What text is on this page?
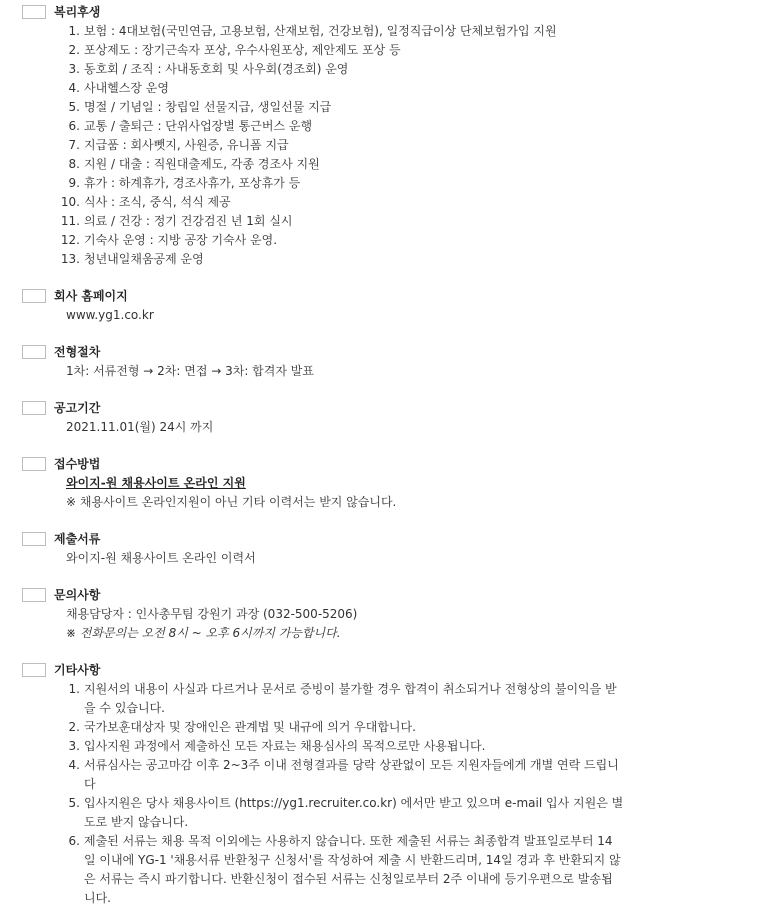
복리후생
보험 : 4대보험(국민연금, 고용보험, 산재보험, 건강보험), 일정직급이상 단체보험가입 지원
포상제도 : 장기근속자 포상, 우수사원포상, 제안제도 포상 등
동호회 / 조직 : 사내동호회 및 사우회(경조회) 운영
사내헬스장 운영
명절 / 기념일 : 창립일 선물지급, 생일선물 지급
교통 / 출퇴근 : 단위사업장별 통근버스 운행
지급품 : 회사뺏지, 사원증, 유니폼 지급
지원 / 대출 : 직원대출제도, 각종 경조사 지원
휴가 : 하계휴가, 경조사휴가, 포상휴가 등
식사 : 조식, 중식, 석식 제공
의료 / 건강 : 정기 건강검진 년 1회 실시
기숙사 운영 : 지방 공장 기숙사 운영.
청년내일채움공제 운영
회사 홈페이지
www.yg1.co.kr
전형절차
1차: 서류전형 → 2차: 면접 → 3차: 합격자 발표
공고기간
2021.11.01(월) 24시 까지
접수방법
와이지-원 채용사이트 온라인 지원
※ 채용사이트 온라인지원이 아닌 기타 이력서는 받지 않습니다.
제출서류
와이지-원 채용사이트 온라인 이력서
문의사항
채용담당자 : 인사총무팀 강원기 과장 (032-500-5206)
※ 전화문의는 오전 8시 ~ 오후 6시까지 가능합니다.
기타사항
지원서의 내용이 사실과 다르거나 문서로 증빙이 불가할 경우 합격이 취소되거나 전형상의 불이익을 받을 수 있습니다.
국가보훈대상자 및 장애인은 관계법 및 내규에 의거 우대합니다.
입사지원 과정에서 제출하신 모든 자료는 채용심사의 목적으로만 사용됩니다.
서류심사는 공고마감 이후 2~3주 이내 전형결과를 당락 상관없이 모든 지원자들에게 개별 연락 드립니다
입사지원은 당사 채용사이트 (https://yg1.recruiter.co.kr) 에서만 받고 있으며 e-mail 입사 지원은 별도로 받지 않습니다.
제출된 서류는 채용 목적 이외에는 사용하지 않습니다. 또한 제출된 서류는 최종합격 발표일로부터 14일 이내에 YG-1 '채용서류 반환청구 신청서'를 작성하여 제출 시 반환드리며, 14일 경과 후 반환되지 않은 서류는 즉시 파기합니다. 반환신청이 접수된 서류는 신청일로부터 2주 이내에 등기우편으로 발송됩니다.
